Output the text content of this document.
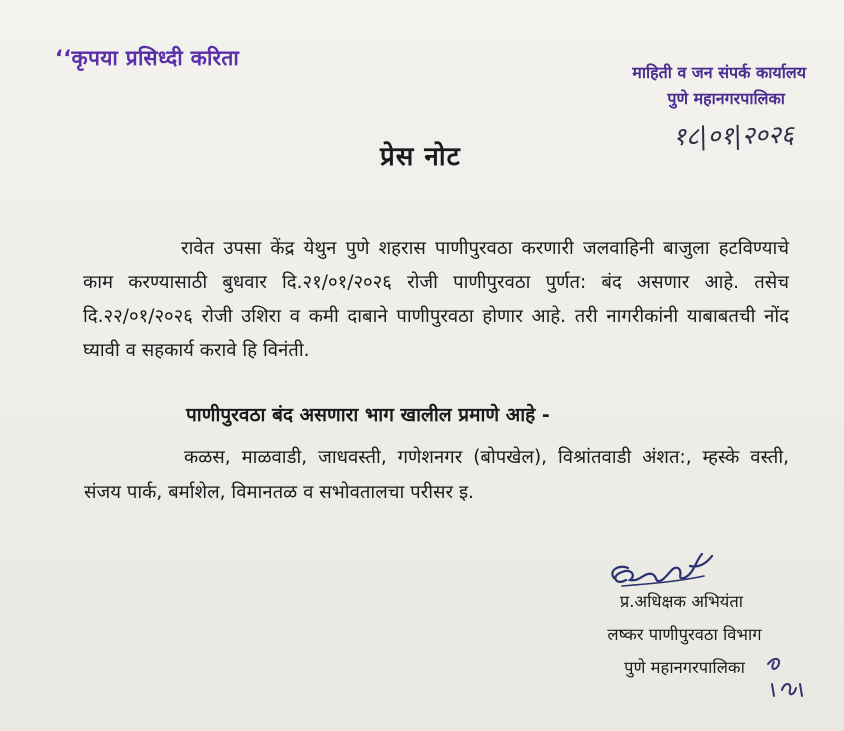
‘‘कृपया प्रसिध्दी करिता
माहिती व जन संपर्क कार्यालय
पुणे महानगरपालिका
१८|०१|२०२६
प्रेस नोट

रावेत उपसा केंद्र येथुन पुणे शहरास पाणीपुरवठा करणारी जलवाहिनी बाजुला हटविण्याचे काम करण्यासाठी बुधवार दि.२१/०१/२०२६ रोजी पाणीपुरवठा पुर्णत: बंद असणार आहे. तसेच दि.२२/०१/२०२६ रोजी उशिरा व कमी दाबाने पाणीपुरवठा होणार आहे. तरी नागरीकांनी याबाबतची नोंद घ्यावी व सहकार्य करावे हि विनंती.

पाणीपुरवठा बंद असणारा भाग खालील प्रमाणे आहे -

कळस, माळवाडी, जाधवस्ती, गणेशनगर (बोपखेल), विश्रांतवाडी अंशत:, म्हस्के वस्ती, संजय पार्क, बर्माशेल, विमानतळ व सभोवतालचा परीसर इ.

प्र.अधिक्षक अभियंता
लष्कर पाणीपुरवठा विभाग
पुणे महानगरपालिका
